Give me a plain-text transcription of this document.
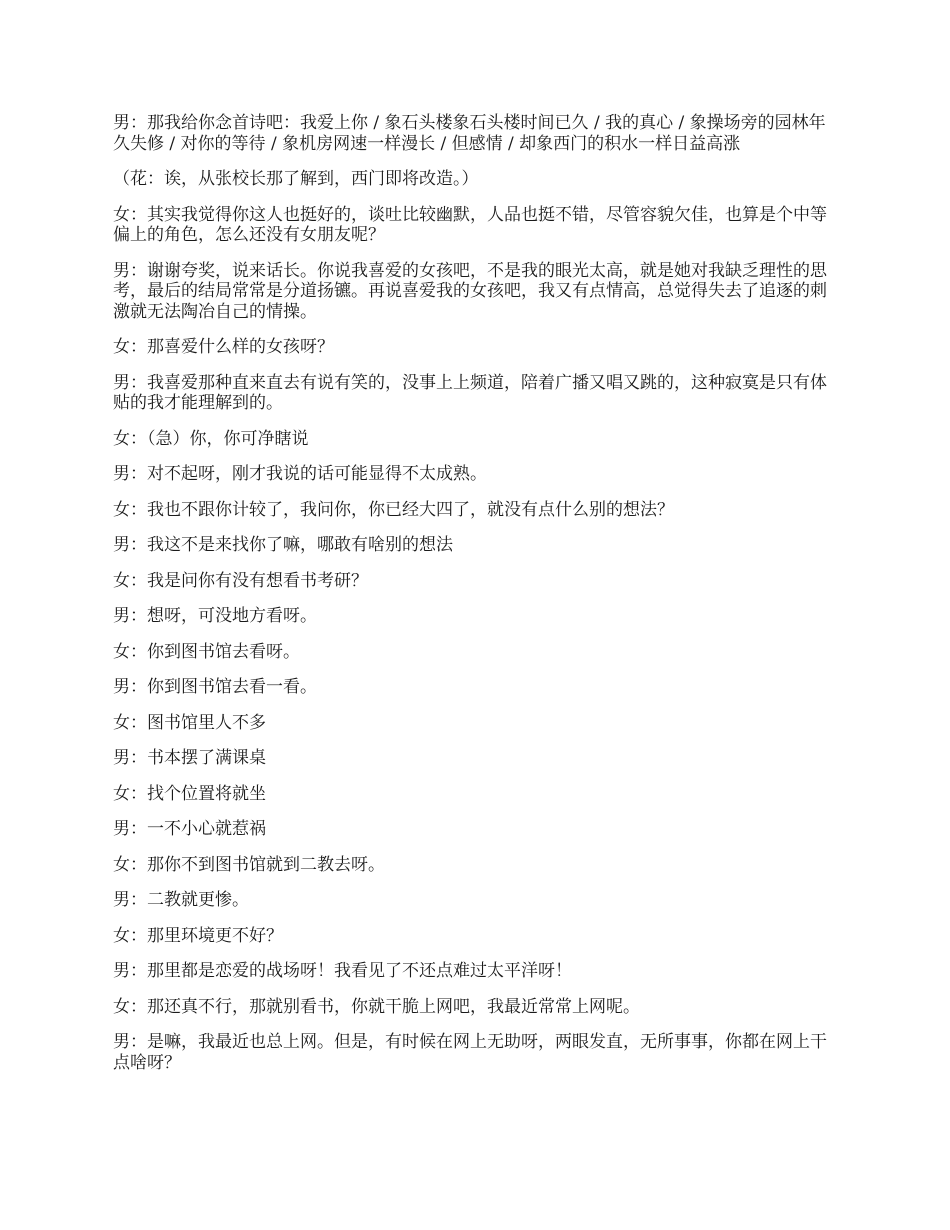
男：那我给你念首诗吧：我爱上你 / 象石头楼象石头楼时间已久 / 我的真心 / 象操场旁的园林年久失修 / 对你的等待 / 象机房网速一样漫长 / 但感情 / 却象西门的积水一样日益高涨

（花：诶，从张校长那了解到，西门即将改造。）

女：其实我觉得你这人也挺好的，谈吐比较幽默，人品也挺不错，尽管容貌欠佳，也算是个中等偏上的角色，怎么还没有女朋友呢？

男：谢谢夸奖，说来话长。你说我喜爱的女孩吧，不是我的眼光太高，就是她对我缺乏理性的思考，最后的结局常常是分道扬镳。再说喜爱我的女孩吧，我又有点情高，总觉得失去了追逐的刺激就无法陶冶自己的情操。

女：那喜爱什么样的女孩呀？

男：我喜爱那种直来直去有说有笑的，没事上上频道，陪着广播又唱又跳的，这种寂寞是只有体贴的我才能理解到的。

女：（急）你，你可净瞎说

男：对不起呀，刚才我说的话可能显得不太成熟。

女：我也不跟你计较了，我问你，你已经大四了，就没有点什么别的想法？

男：我这不是来找你了嘛，哪敢有啥别的想法

女：我是问你有没有想看书考研？

男：想呀，可没地方看呀。

女：你到图书馆去看呀。

男：你到图书馆去看一看。

女：图书馆里人不多

男：书本摆了满课桌

女：找个位置将就坐

男：一不小心就惹祸

女：那你不到图书馆就到二教去呀。

男：二教就更惨。

女：那里环境更不好？

男：那里都是恋爱的战场呀！我看见了不还点难过太平洋呀！

女：那还真不行，那就别看书，你就干脆上网吧，我最近常常上网呢。

男：是嘛，我最近也总上网。但是，有时候在网上无助呀，两眼发直，无所事事，你都在网上干点啥呀？
